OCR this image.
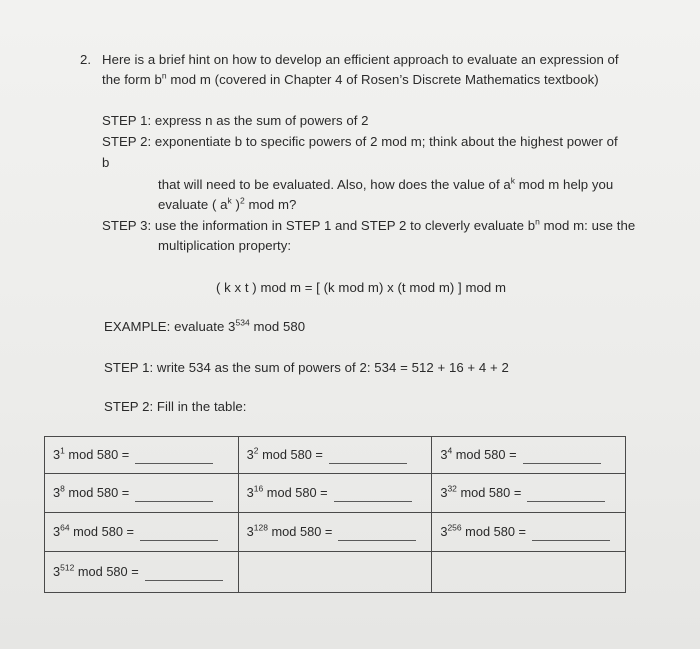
2. Here is a brief hint on how to develop an efficient approach to evaluate an expression of
the form $b^n$ mod m (covered in Chapter 4 of Rosen’s Discrete Mathematics textbook)
STEP 1: express n as the sum of powers of 2
STEP 2: exponentiate b to specific powers of 2 mod m; think about the highest power of
b
that will need to be evaluated. Also, how does the value of $a^k$ mod m help you
evaluate ( $a^k$ )$^2$ mod m?
STEP 3: use the information in STEP 1 and STEP 2 to cleverly evaluate $b^n$ mod m: use the
multiplication property:
( k x t ) mod m = [ (k mod m) x (t mod m) ] mod m
EXAMPLE: evaluate $3^{534}$ mod 580
STEP 1: write 534 as the sum of powers of 2: 534 = 512 + 16 + 4 + 2
STEP 2: Fill in the table:
$3^1$ mod 580 =	$3^2$ mod 580 =	$3^4$ mod 580 =
$3^8$ mod 580 =	$3^{16}$ mod 580 =	$3^{32}$ mod 580 =
$3^{64}$ mod 580 =	$3^{128}$ mod 580 =	$3^{256}$ mod 580 =
$3^{512}$ mod 580 =		
